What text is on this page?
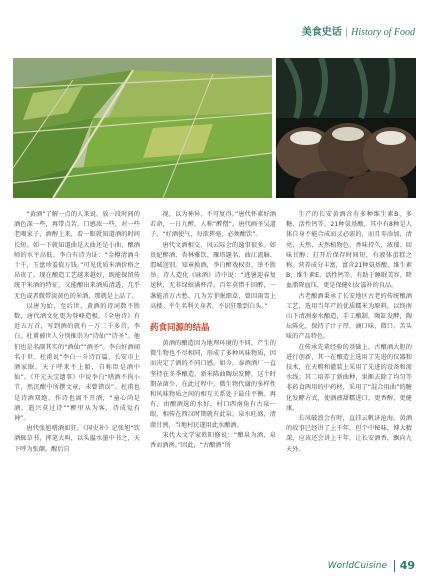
美食史话 | History of Food

“黄酒”了解一点的人来说，放一段时间的酒色深一些，再带点苦，口感浓一些，对一些老喝家子，酒醇上来，看一眼就知道酒的时间长短。如一下就知道曲是大曲还是小曲，酿酒师的水平高低。李白有诗为证：“金樽清酒斗十千，玉盘珍羞值万钱。”可见优质米酒价格之昂贵了。现在酿造工艺越来越好，既能保留传统干米酒的特征，又能酿出来酒质清透，几乎无色或者微带淡黄色的米酒，那就是上品了。

以唐为始，至后世，黄酒的诗词数不胜数，唐代酒文化更为登峰造极。《全唐诗》有近五万首，写到酒的就有一万二千多首，李白、杜甫被世人分别推崇为“诗仙”“诗圣”。他们也是名副其实的“酒仙”“酒圣”。李白好酒闻名于世。杜甫说“李白一斗诗百篇，长安市上酒家眠。天子呼来不上船，自称臣是酒中仙”。《开元天宝遗事》中说李白“嗜酒不拘小节，然沉酣中所撰文章，未曾错误”。杜甫也是诗酒双绝，作诗也离不开酒，“童心尚是酒，遣兴莫过诗”“醉里从为客，诗成觉有神”。

唐代张旭嗜酒如狂。《国史补》记张旭“饮酒辄草书，挥笔大叫，以头揾水墨中书之，天下呼为张颠。醒后自

视，以为神异，不可复得。”唐代怀素好酒若命，一日九醉，人称“醉僧”。唐代画圣吴道子，“好酒使气，每欲挥毫，必须酣饮”。

唐代文酒相交，风云际会的逸事很多。如贵妃醉酒、杏林雅饮、雁塔题名、曲江流觞、渭城送别。知章换酒，李白醉戏权贵、举不胜举。诗人造化《咏酒》诗中说：“逃暑迎春复送秋，无非绿蚁满杯浮。百年莫惜千回醉，一盏能消万古愁。几为芳菲眠细草，曾因雨雪上高楼。平生名利关身者，不识狂歌到白头。”

药食同源的结晶

黄酒的酿造因为地理环境的不同，产生的微生物也不尽相同，形成了多种风味物质，因而决定了酒的不同口感。如今，泰酒酒厂一直坚持在冬季酿造，新米陈曲陶坛发酵，这个时期杂菌少，在此过程中，微生物代谢的多样性和风味物质之间的相互关系处于最佳平衡。再有，由酿酒选的水好，村口西南角有古泉一眼，相传在西汉时期就有此泉，泉水旺盛，清澈甘洌，当地村民遂用此水酿酒。

宋代大文学家欧阳修说：“酿泉为酒，泉香而酒洌。”因此，“古酿酒”所

生产的长安黄酒含有多种维生素B、多糖、活性钙等，21种氨基酸，其中有8种是人体自身不能合成而又必需的，而且零添加，清亮、天然、天然植物色、香味持久，浓郁、回味甘醇；打开后保存时间短，有液体蛋糕之称。营养成分丰富，富含21种氨基酸、维生素B、维生素E、活性钙等，有助于睡眠美容、降血脂降血压，更是保健妇女滋补的良品。

古老酿酒秉承了长安地区古老的传统酿酒工艺，选用当年产的优质糯米为原料，以终南山下清冽秦水酿造，手工酿制，陶缸发酵，陶坛陈化，保持了汁子厚、滴口味，微口、苦头味的产品特色。

在传承先辈经验的基础上，古酿酒大胆的进行创新，其一在酿造上选用了先进的仪器和技术，在天赐和灌装上采用了先进的设备和流水线；其二培养了新曲种，果断去除了均匀等非药食两用的中药材，采用了“混合用曲”的糖化发酵方式，使酒液甜糯进口，更香醇，更健康。

长风破浪会有时，直挂云帆济沧海。黄酒的故事已经讲了上千年，但个中秘味，博大精深，应该还会讲上千年，让长安酒香，飘向九天外。

WorldCuisine 49
